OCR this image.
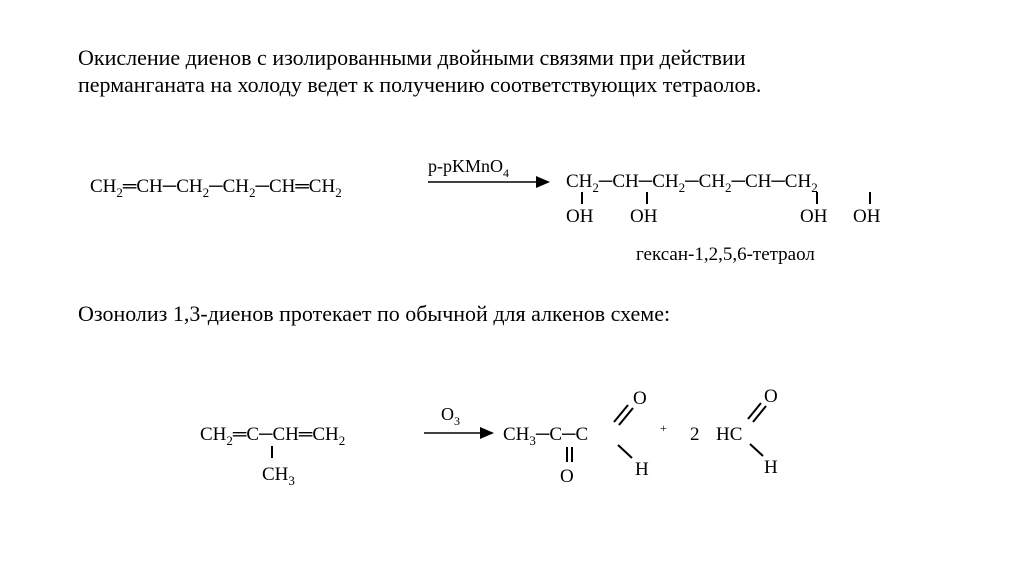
Окисление диенов с изолированными двойными связями при действии
перманганата на холоду ведет к получению соответствующих тетраолов.
Озонолиз 1,3-диенов протекает по обычной для алкенов схеме:
$CH_2═CH─CH_2─CH_2─CH═CH_2$
р-рKMnO$_4$	$CH_2─CH─CH_2─CH_2─CH─CH_2$
OH OH	OH OH
гексан-1,2,5,6-тетраол
$CH_2═C─CH═CH_2$
$CH_3$
$O_3$
$CH_3─C─C$
O
O
H
+ 2 HC
O
H
